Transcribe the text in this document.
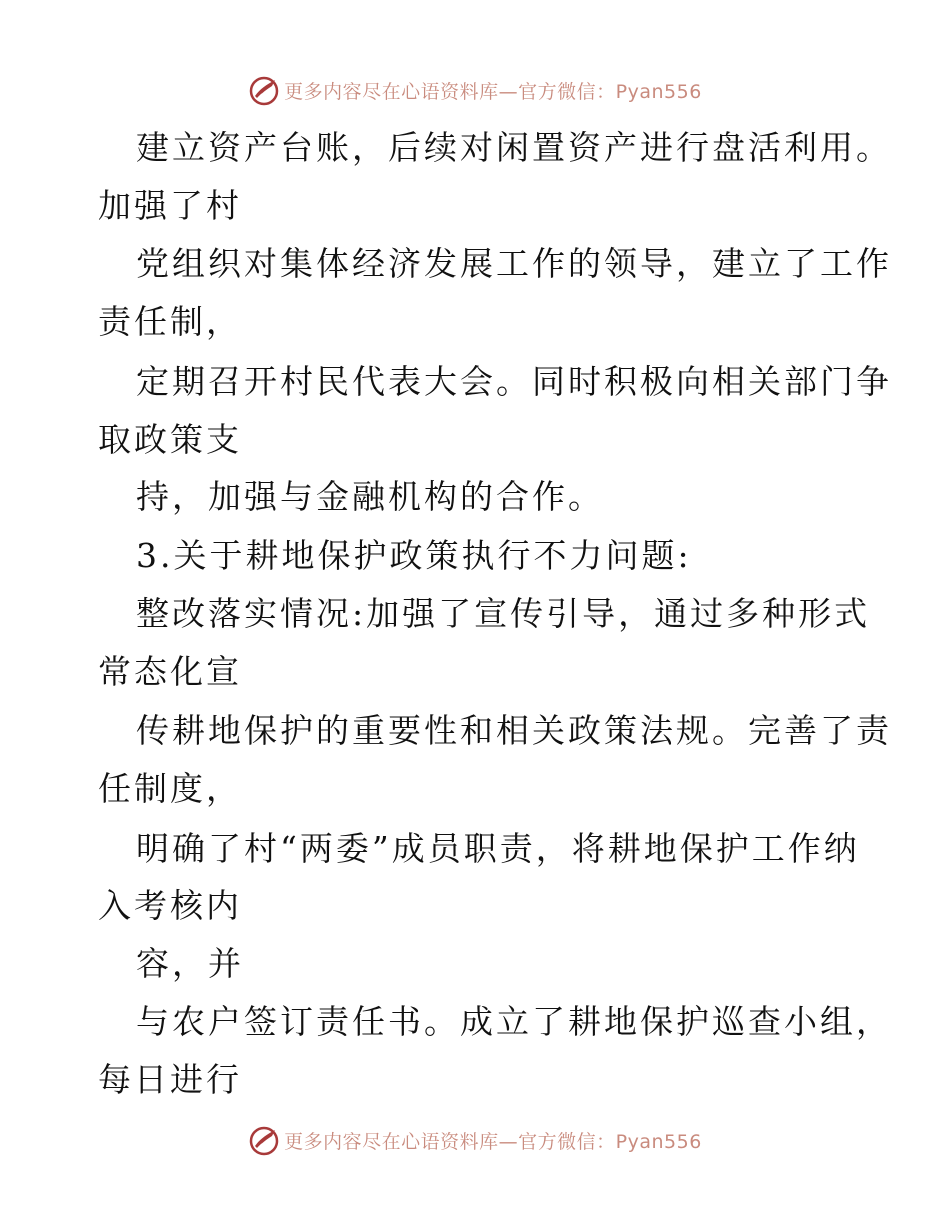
更多内容尽在心语资料库—官方微信：Pyan556
建立资产台账，后续对闲置资产进行盘活利用。
加强了村
党组织对集体经济发展工作的领导，建立了工作
责任制，
定期召开村民代表大会。同时积极向相关部门争
取政策支
持，加强与金融机构的合作。
3.关于耕地保护政策执行不力问题:
整改落实情况:加强了宣传引导，通过多种形式
常态化宣
传耕地保护的重要性和相关政策法规。完善了责
任制度，
明确了村“两委”成员职责，将耕地保护工作纳
入考核内
容，并
与农户签订责任书。成立了耕地保护巡查小组，
每日进行
更多内容尽在心语资料库—官方微信：Pyan556
